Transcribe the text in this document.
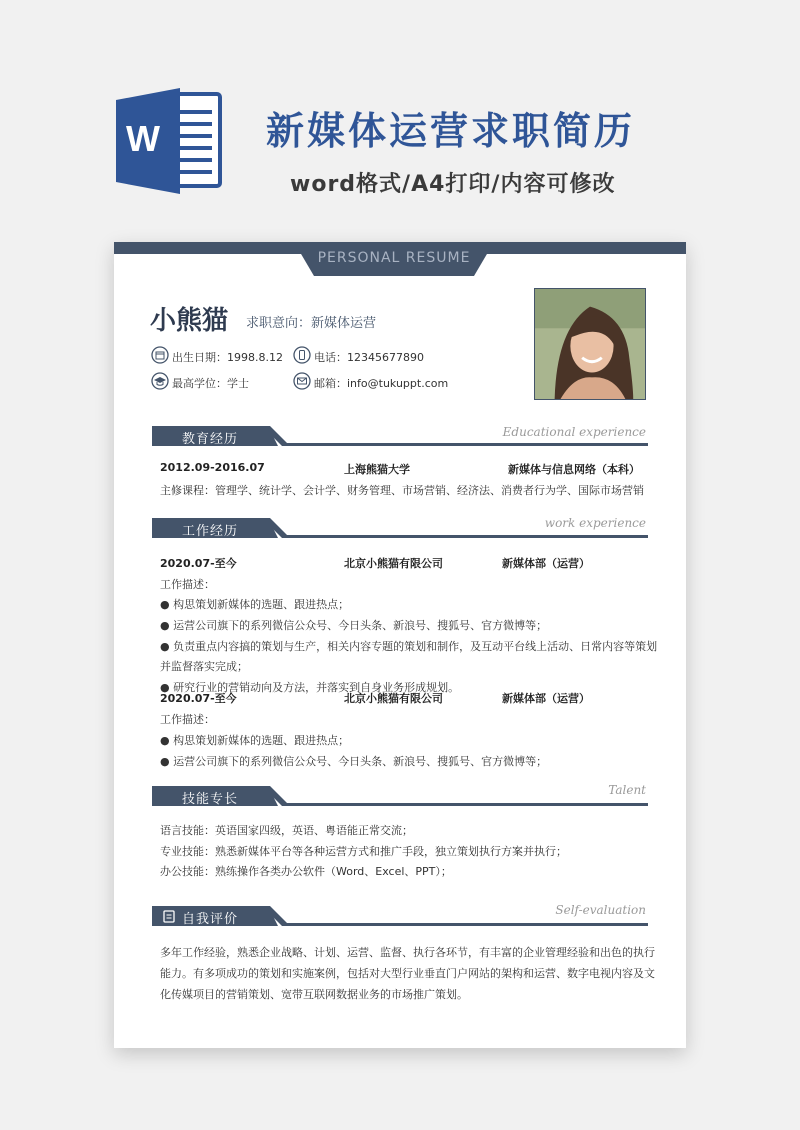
W	新媒体运营求职简历
word格式/A4打印/内容可修改
PERSONAL RESUME
小熊猫 求职意向：新媒体运营
出生日期：1998.8.12	电话：12345677890
最高学位：学士	邮箱：info@tukuppt.com
教育经历	Educational experience
2012.09-2016.07	上海熊猫大学	新媒体与信息网络（本科）
主修课程：管理学、统计学、会计学、财务管理、市场营销、经济法、消费者行为学、国际市场营销
工作经历
work experience
2020.07-至今	北京小熊猫有限公司	新媒体部（运营）
工作描述：
● 构思策划新媒体的选题、跟进热点；
● 运营公司旗下的系列微信公众号、今日头条、新浪号、搜狐号、官方微博等；
● 负责重点内容搞的策划与生产，相关内容专题的策划和制作，及互动平台线上活动、日常内容等策划
并监督落实完成；
● 研究行业的营销动向及方法，并落实到自身业务形成规划。
2020.07-至今	北京小熊猫有限公司	新媒体部（运营）
工作描述：
● 构思策划新媒体的选题、跟进热点；
● 运营公司旗下的系列微信公众号、今日头条、新浪号、搜狐号、官方微博等；
技能专长
Talent
语言技能：英语国家四级，英语、粤语能正常交流；
专业技能：熟悉新媒体平台等各种运营方式和推广手段，独立策划执行方案并执行；
办公技能：熟练操作各类办公软件（Word、Excel、PPT）；
自我评价
Self-evaluation
多年工作经验，熟悉企业战略、计划、运营、监督、执行各环节，有丰富的企业管理经验和出色的执行
能力。有多项成功的策划和实施案例，包括对大型行业垂直门户网站的架构和运营、数字电视内容及文
化传媒项目的营销策划、宽带互联网数据业务的市场推广策划。
